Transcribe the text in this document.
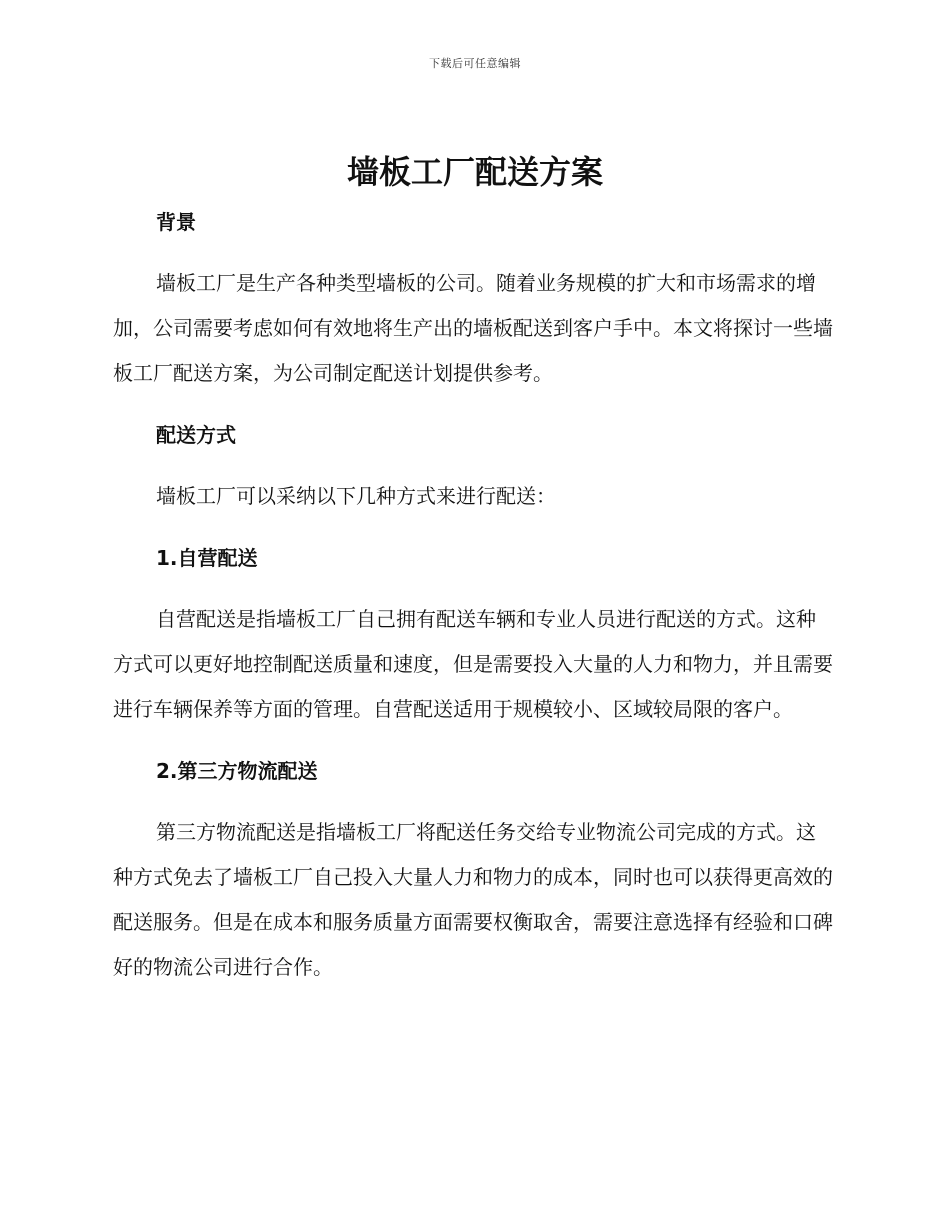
下载后可任意编辑
墙板工厂配送方案
背景

墙板工厂是生产各种类型墙板的公司。随着业务规模的扩大和市场需求的增加，公司需要考虑如何有效地将生产出的墙板配送到客户手中。本文将探讨一些墙板工厂配送方案，为公司制定配送计划提供参考。

配送方式

墙板工厂可以采纳以下几种方式来进行配送：

1.自营配送

自营配送是指墙板工厂自己拥有配送车辆和专业人员进行配送的方式。这种方式可以更好地控制配送质量和速度，但是需要投入大量的人力和物力，并且需要进行车辆保养等方面的管理。自营配送适用于规模较小、区域较局限的客户。

2.第三方物流配送

第三方物流配送是指墙板工厂将配送任务交给专业物流公司完成的方式。这种方式免去了墙板工厂自己投入大量人力和物力的成本，同时也可以获得更高效的配送服务。但是在成本和服务质量方面需要权衡取舍，需要注意选择有经验和口碑好的物流公司进行合作。
